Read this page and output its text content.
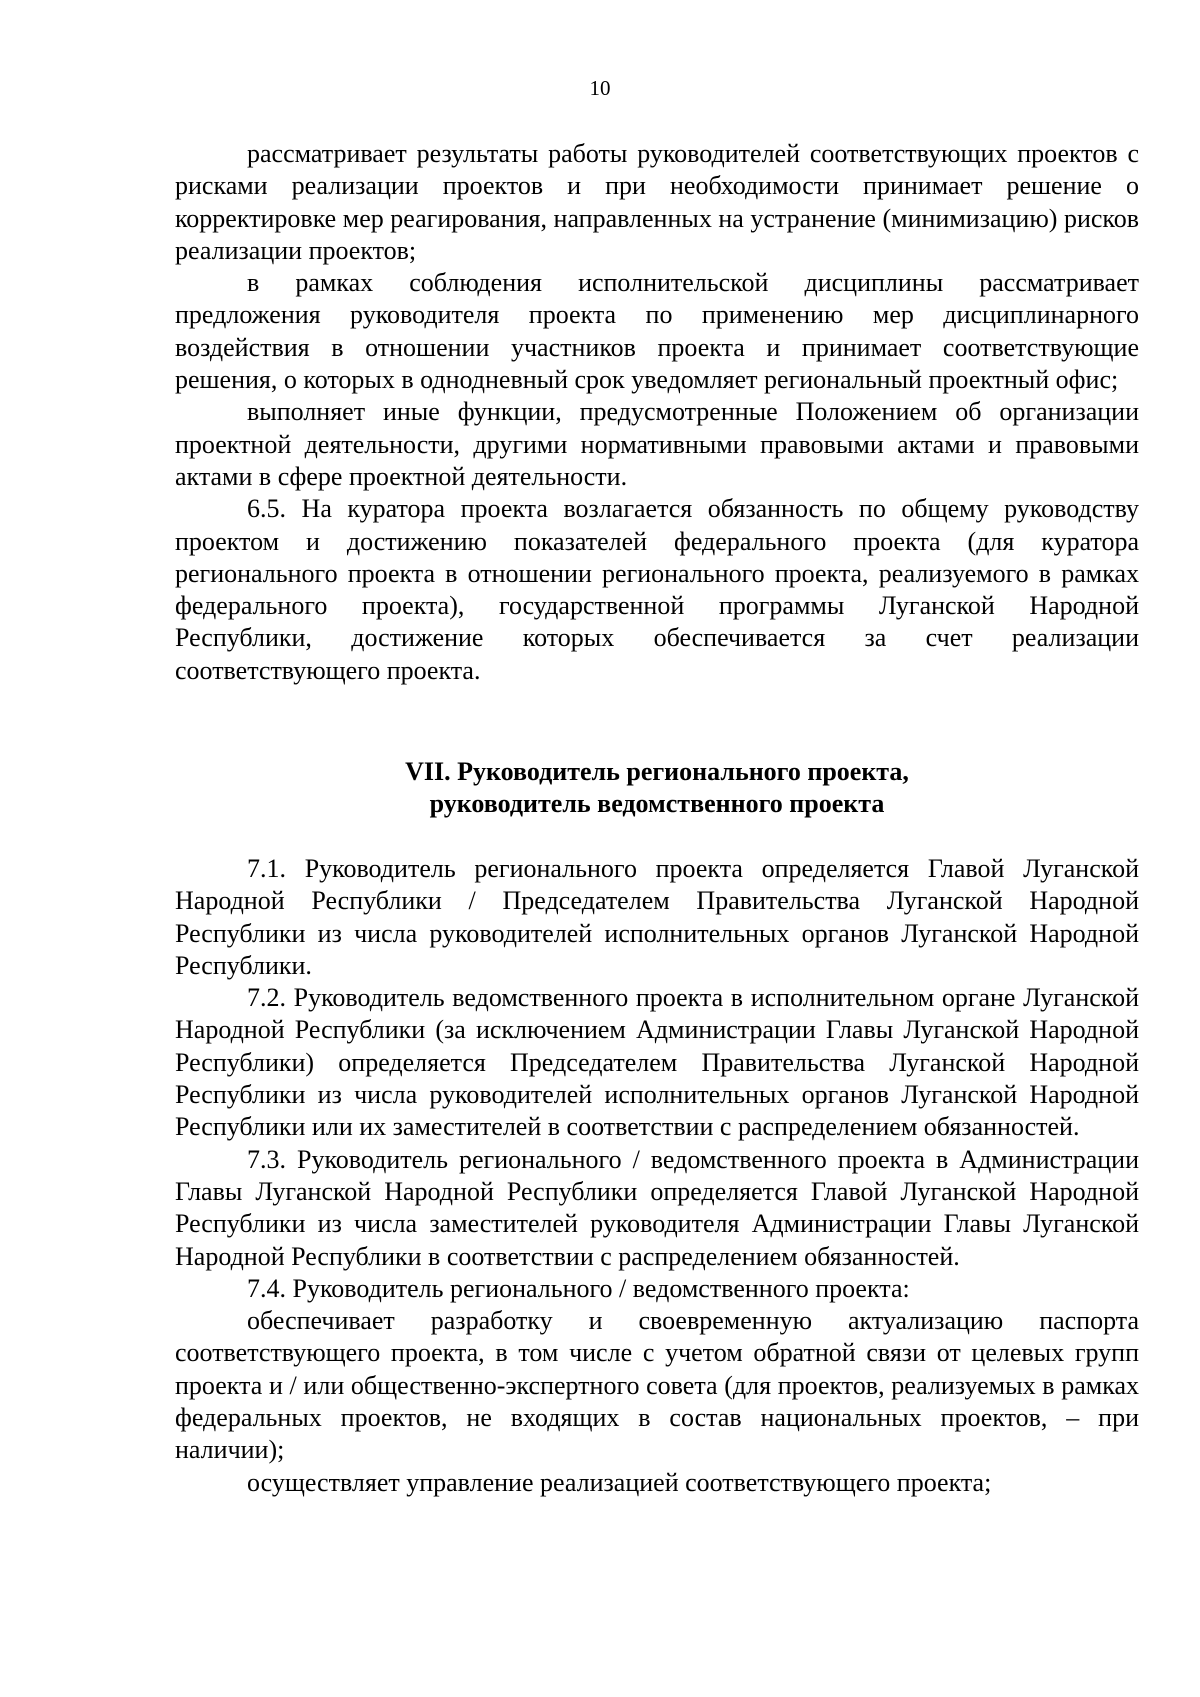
10

рассматривает результаты работы руководителей соответствующих проектов с рисками реализации проектов и при необходимости принимает решение о корректировке мер реагирования, направленных на устранение (минимизацию) рисков реализации проектов;

в рамках соблюдения исполнительской дисциплины рассматривает предложения руководителя проекта по применению мер дисциплинарного воздействия в отношении участников проекта и принимает соответствующие решения, о которых в однодневный срок уведомляет региональный проектный офис;

выполняет иные функции, предусмотренные Положением об организации проектной деятельности, другими нормативными правовыми актами и правовыми актами в сфере проектной деятельности.

6.5. На куратора проекта возлагается обязанность по общему руководству проектом и достижению показателей федерального проекта (для куратора регионального проекта в отношении регионального проекта, реализуемого в рамках федерального проекта), государственной программы Луганской Народной Республики, достижение которых обеспечивается за счет реализации соответствующего проекта.

VII. Руководитель регионального проекта,
руководитель ведомственного проекта

7.1. Руководитель регионального проекта определяется Главой Луганской Народной Республики / Председателем Правительства Луганской Народной Республики из числа руководителей исполнительных органов Луганской Народной Республики.

7.2. Руководитель ведомственного проекта в исполнительном органе Луганской Народной Республики (за исключением Администрации Главы Луганской Народной Республики) определяется Председателем Правительства Луганской Народной Республики из числа руководителей исполнительных органов Луганской Народной Республики или их заместителей в соответствии с распределением обязанностей.

7.3. Руководитель регионального / ведомственного проекта в Администрации Главы Луганской Народной Республики определяется Главой Луганской Народной Республики из числа заместителей руководителя Администрации Главы Луганской Народной Республики в соответствии с распределением обязанностей.

7.4. Руководитель регионального / ведомственного проекта:

обеспечивает разработку и своевременную актуализацию паспорта соответствующего проекта, в том числе с учетом обратной связи от целевых групп проекта и / или общественно-экспертного совета (для проектов, реализуемых в рамках федеральных проектов, не входящих в состав национальных проектов, – при наличии);

осуществляет управление реализацией соответствующего проекта;
